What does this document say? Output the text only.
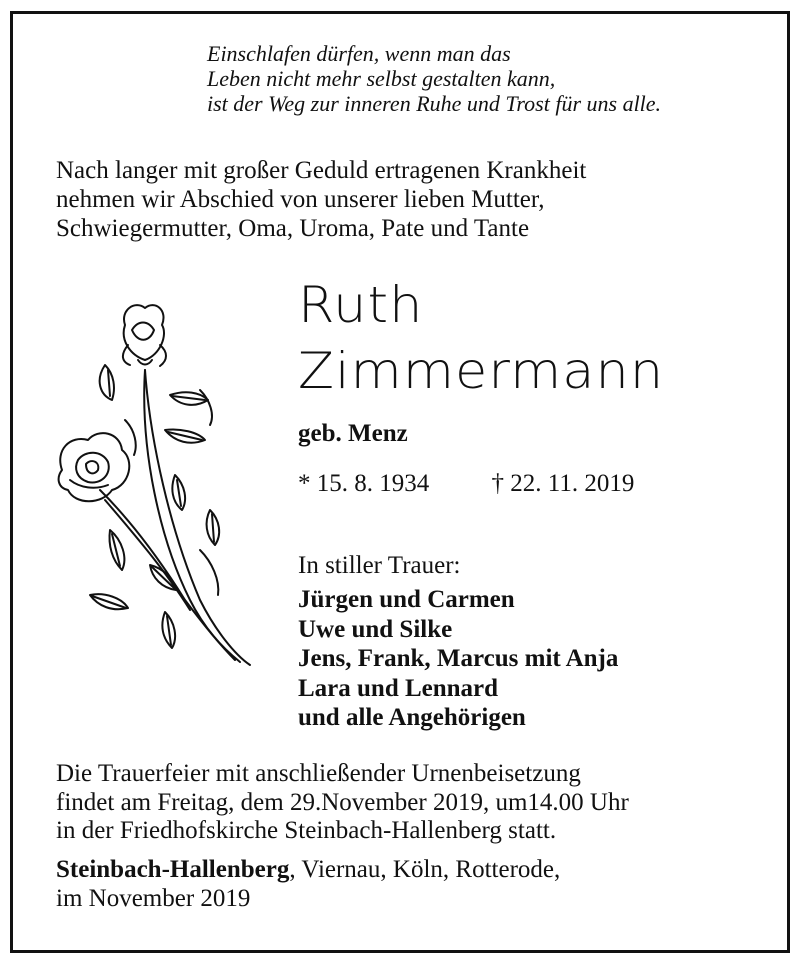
Einschlafen dürfen, wenn man das
Leben nicht mehr selbst gestalten kann,
ist der Weg zur inneren Ruhe und Trost für uns alle.
Nach langer mit großer Geduld ertragenen Krankheit
nehmen wir Abschied von unserer lieben Mutter,
Schwiegermutter, Oma, Uroma, Pate und Tante
Ruth
Zimmermann
geb. Menz
* 15. 8. 1934 † 22. 11. 2019
In stiller Trauer:
Jürgen und Carmen
Uwe und Silke
Jens, Frank, Marcus mit Anja
Lara und Lennard
und alle Angehörigen
Die Trauerfeier mit anschließender Urnenbeisetzung
findet am Freitag, dem 29.November 2019, um14.00 Uhr
in der Friedhofskirche Steinbach-Hallenberg statt.
Steinbach-Hallenberg, Viernau, Köln, Rotterode,
im November 2019
